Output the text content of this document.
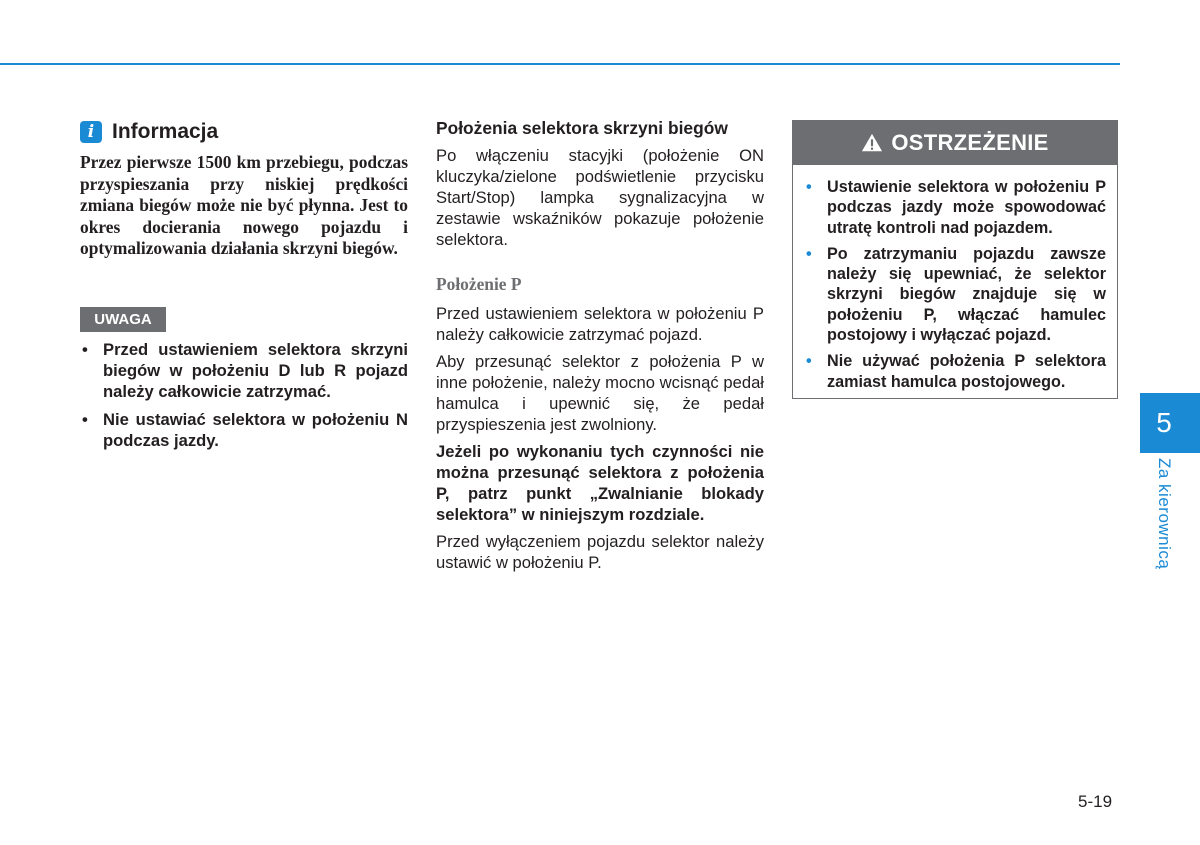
i Informacja
Przez pierwsze 1500 km przebiegu, podczas przyspieszania przy niskiej prędkości zmiana biegów może nie być płynna. Jest to okres docierania nowego pojazdu i optymalizowania działania skrzyni biegów.
UWAGA
• Przed ustawieniem selektora skrzyni biegów w położeniu D lub R pojazd należy całkowicie zatrzymać.
• Nie ustawiać selektora w położeniu N podczas jazdy.
Położenia selektora skrzyni biegów

Po włączeniu stacyjki (położenie ON kluczyka/zielone podświetlenie przycisku Start/Stop) lampka sygnalizacyjna w zestawie wskaźników pokazuje położenie selektora.

Położenie P

Przed ustawieniem selektora w położeniu P należy całkowicie zatrzymać pojazd.

Aby przesunąć selektor z położenia P w inne położenie, należy mocno wcisnąć pedał hamulca i upewnić się, że pedał przyspieszenia jest zwolniony.

Jeżeli po wykonaniu tych czynności nie można przesunąć selektora z położenia P, patrz punkt „Zwalnianie blokady selektora” w niniejszym rozdziale.

Przed wyłączeniem pojazdu selektor należy ustawić w położeniu P.

OSTRZEŻENIE
• Ustawienie selektora w położeniu P podczas jazdy może spowodować utratę kontroli nad pojazdem.
• Po zatrzymaniu pojazdu zawsze należy się upewniać, że selektor skrzyni biegów znajduje się w położeniu P, włączać hamulec postojowy i wyłączać pojazd.
• Nie używać położenia P selektora zamiast hamulca postojowego.
5
Za kierownicą
5-19
